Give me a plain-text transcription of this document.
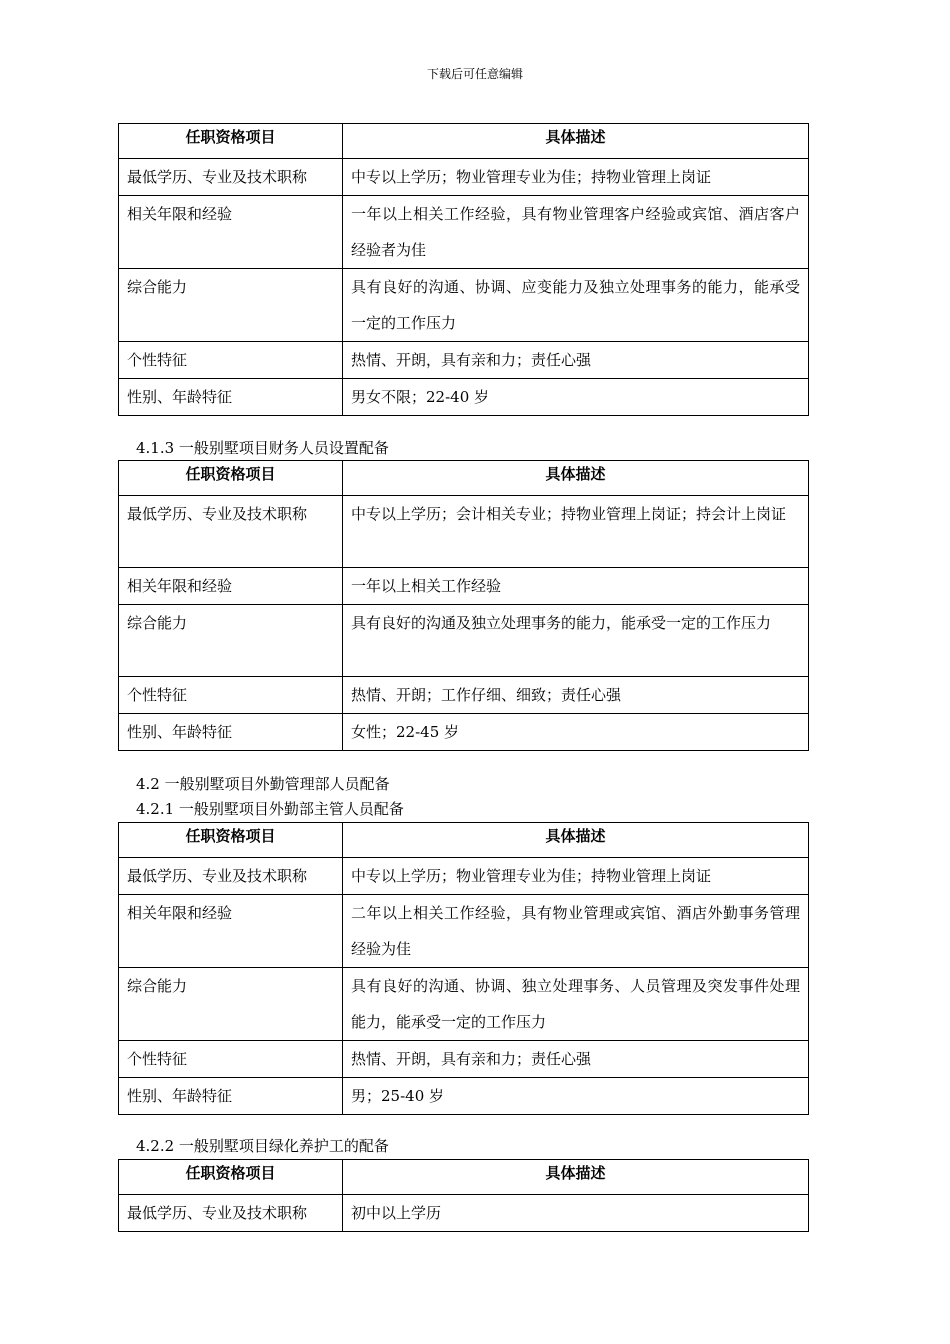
下载后可任意编辑
任职资格项目	具体描述
最低学历、专业及技术职称	中专以上学历；物业管理专业为佳；持物业管理上岗证
相关年限和经验	一年以上相关工作经验，具有物业管理客户经验或宾馆、酒店客户经验者为佳
综合能力	具有良好的沟通、协调、应变能力及独立处理事务的能力，能承受一定的工作压力
个性特征	热情、开朗，具有亲和力；责任心强
性别、年龄特征	男女不限；22-40 岁
4.1.3 一般别墅项目财务人员设置配备
任职资格项目	具体描述
最低学历、专业及技术职称	中专以上学历；会计相关专业；持物业管理上岗证；持会计上岗证
相关年限和经验	一年以上相关工作经验
综合能力	具有良好的沟通及独立处理事务的能力，能承受一定的工作压力
个性特征	热情、开朗；工作仔细、细致；责任心强
性别、年龄特征	女性；22-45 岁
4.2 一般别墅项目外勤管理部人员配备
4.2.1 一般别墅项目外勤部主管人员配备
任职资格项目	具体描述
最低学历、专业及技术职称	中专以上学历；物业管理专业为佳；持物业管理上岗证
相关年限和经验	二年以上相关工作经验，具有物业管理或宾馆、酒店外勤事务管理经验为佳
综合能力	具有良好的沟通、协调、独立处理事务、人员管理及突发事件处理能力，能承受一定的工作压力
个性特征	热情、开朗，具有亲和力；责任心强
性别、年龄特征	男；25-40 岁
4.2.2 一般别墅项目绿化养护工的配备
任职资格项目	具体描述
最低学历、专业及技术职称	初中以上学历
